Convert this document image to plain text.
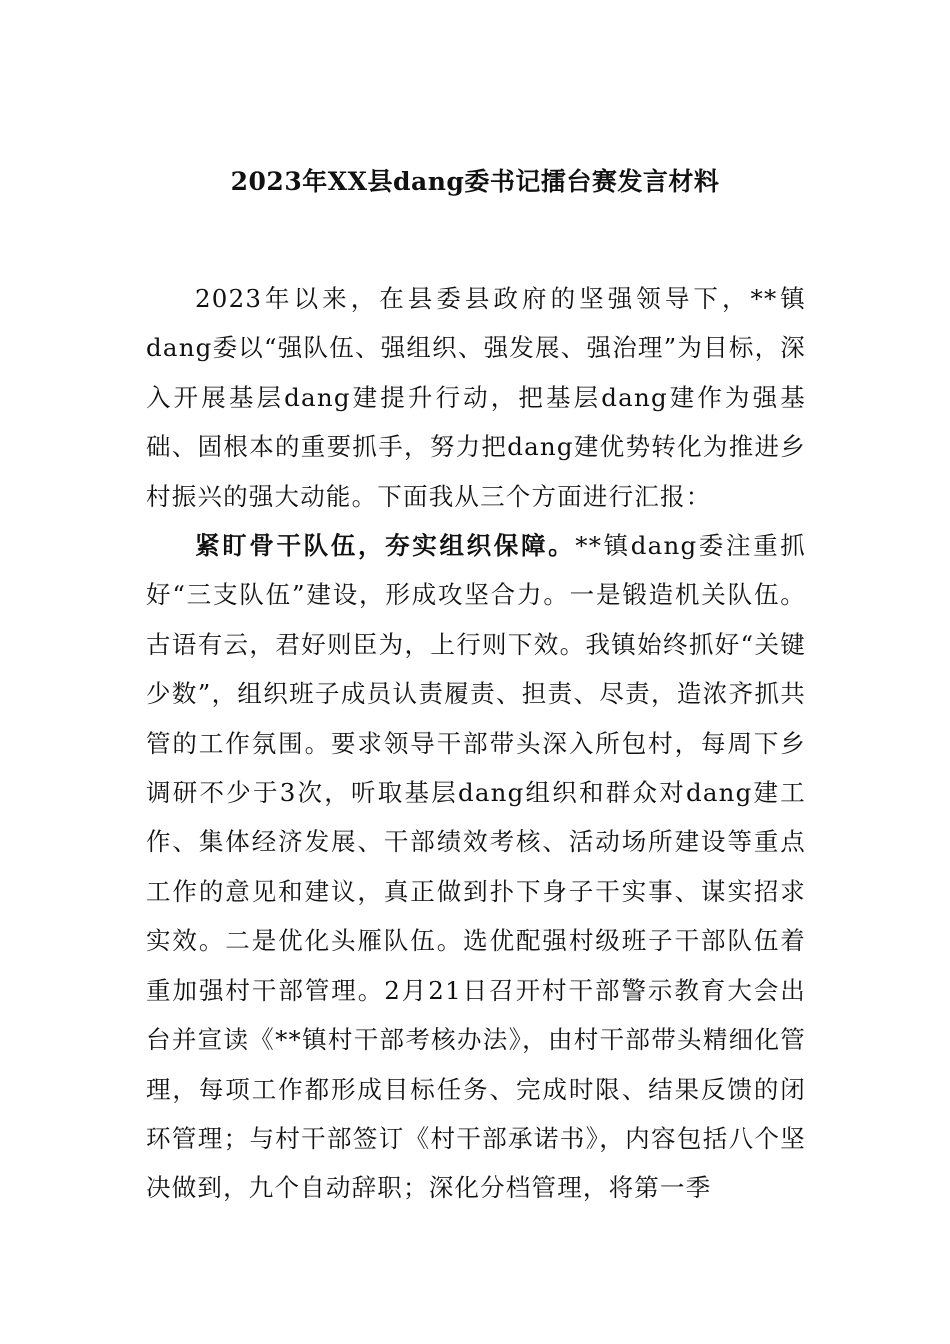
2023年XX县dang委书记擂台赛发言材料

2023年以来，在县委县政府的坚强领导下，**镇dang委以“强队伍、强组织、强发展、强治理”为目标，深入开展基层dang建提升行动，把基层dang建作为强基础、固根本的重要抓手，努力把dang建优势转化为推进乡村振兴的强大动能。下面我从三个方面进行汇报：

紧盯骨干队伍，夯实组织保障。**镇dang委注重抓好“三支队伍”建设，形成攻坚合力。一是锻造机关队伍。古语有云，君好则臣为，上行则下效。我镇始终抓好“关键少数”，组织班子成员认责履责、担责、尽责，造浓齐抓共管的工作氛围。要求领导干部带头深入所包村，每周下乡调研不少于3次，听取基层dang组织和群众对dang建工作、集体经济发展、干部绩效考核、活动场所建设等重点工作的意见和建议，真正做到扑下身子干实事、谋实招求实效。二是优化头雁队伍。选优配强村级班子干部队伍着重加强村干部管理。2月21日召开村干部警示教育大会出台并宣读《**镇村干部考核办法》，由村干部带头精细化管理，每项工作都形成目标任务、完成时限、结果反馈的闭环管理；与村干部签订《村干部承诺书》，内容包括八个坚决做到，九个自动辞职；深化分档管理，将第一季
